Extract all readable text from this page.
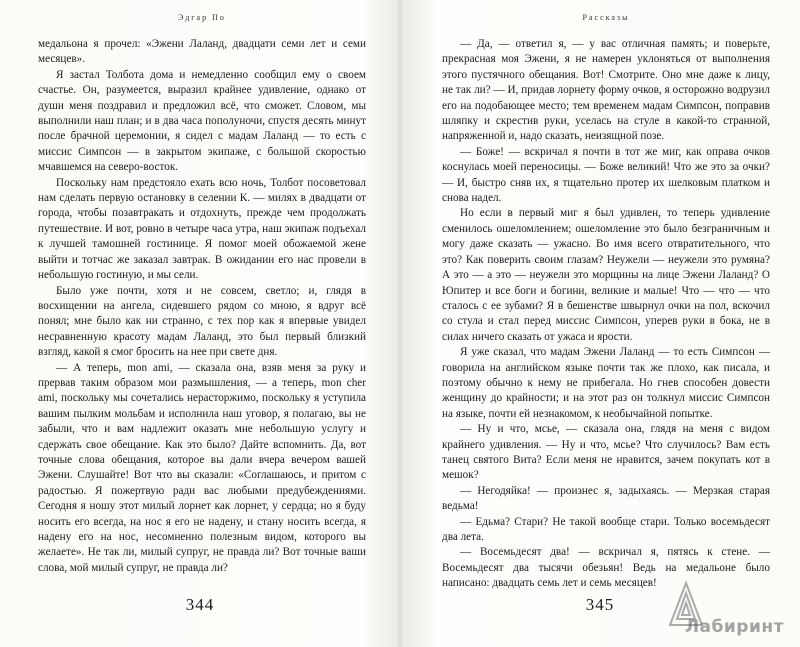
Эдгар По

медальона я прочел: «Эжени Лаланд, двадцати семи лет и семи месяцев».

Я застал Толбота дома и немедленно сообщил ему о своем счастье. Он, разумеется, выразил крайнее удивление, однако от души меня поздравил и предложил всё, что сможет. Словом, мы выполнили наш план; и в два часа пополуночи, спустя десять минут после брачной церемонии, я сидел с мадам Лаланд — то есть с миссис Симпсон — в закрытом экипаже, с большой скоростью мчавшемся на северо-восток.

Поскольку нам предстояло ехать всю ночь, Толбот посоветовал нам сделать первую остановку в селении К. — милях в двадцати от города, чтобы позавтракать и отдохнуть, прежде чем продолжать путешествие. И вот, ровно в четыре часа утра, наш экипаж подъехал к лучшей тамошней гостинице. Я помог моей обожаемой жене выйти и тотчас же заказал завтрак. В ожидании его нас провели в небольшую гостиную, и мы сели.

Было уже почти, хотя и не совсем, светло; и, глядя в восхищении на ангела, сидевшего рядом со мною, я вдруг всё понял; мне было как ни странно, с тех пор как я впервые увидел несравненную красоту мадам Лаланд, это был первый близкий взгляд, какой я смог бросить на нее при свете дня.

— А теперь, mon ami, — сказала она, взяв меня за руку и прервав таким образом мои размышления, — а теперь, mon cher ami, поскольку мы сочетались нерасторжимо, поскольку я уступила вашим пылким мольбам и исполнила наш уговор, я полагаю, вы не забыли, что и вам надлежит оказать мне небольшую услугу и сдержать свое обещание. Как это было? Дайте вспомнить. Да, вот точные слова обещания, которое вы дали вчера вечером вашей Эжени. Слушайте! Вот что вы сказали: «Соглашаюсь, и притом с радостью. Я пожертвую ради вас любыми предубеждениями. Сегодня я ношу этот милый лорнет как лорнет, у сердца; но я буду носить его всегда, на нос я его не надену, и стану носить всегда, я надену его на нос, несомненно полезным видом, которого вы желаете». Не так ли, милый супруг, не правда ли? Вот точные ваши слова, мой милый супруг, не правда ли?

344
Рассказы

— Да, — ответил я, — у вас отличная память; и поверьте, прекрасная моя Эжени, я не намерен уклоняться от выполнения этого пустячного обещания. Вот! Смотрите. Оно мне даже к лицу, не так ли? — И, придав лорнету форму очков, я осторожно водрузил его на подобающее место; тем временем мадам Симпсон, поправив шляпку и скрестив руки, уселась на стуле в какой-то странной, напряженной и, надо сказать, неизящной позе.

— Боже! — вскричал я почти в тот же миг, как оправа очков коснулась моей переносицы. — Боже великий! Что же это за очки? — И, быстро сняв их, я тщательно протер их шелковым платком и снова надел.

Но если в первый миг я был удивлен, то теперь удивление сменилось ошеломлением; ошеломление это было безграничным и могу даже сказать — ужасно. Во имя всего отвратительного, что это? Как поверить своим глазам? Неужели — неужели это румяна? А это — а это — неужели это морщины на лице Эжени Лаланд? О Юпитер и все боги и богини, великие и малые! Что — что — что сталось с ее зубами? Я в бешенстве швырнул очки на пол, вскочил со стула и стал перед миссис Симпсон, уперев руки в бока, не в силах ничего сказать от ужаса и ярости.

Я уже сказал, что мадам Эжени Лаланд — то есть Симпсон — говорила на английском языке почти так же плохо, как писала, и поэтому обычно к нему не прибегала. Но гнев способен довести женщину до крайности; и на этот раз он толкнул миссис Симпсон на языке, почти ей незнакомом, к необычайной попытке.

— Ну и что, мсье, — сказала она, глядя на меня с видом крайнего удивления. — Ну и что, мсье? Что случилось? Вам есть танец святого Вита? Если меня не нравится, зачем покупать кот в мешок?

— Негодяйка! — произнес я, задыхаясь. — Мерзкая старая ведьма!

— Едьма? Стари? Не такой вообще стари. Только восемьдесят два лета.

— Восемьдесят два! — вскричал я, пятясь к стене. — Восемьдесят два тысячи обезьян! Ведь на медальоне было написано: двадцать семь лет и семь месяцев!

345
Лабиринт
